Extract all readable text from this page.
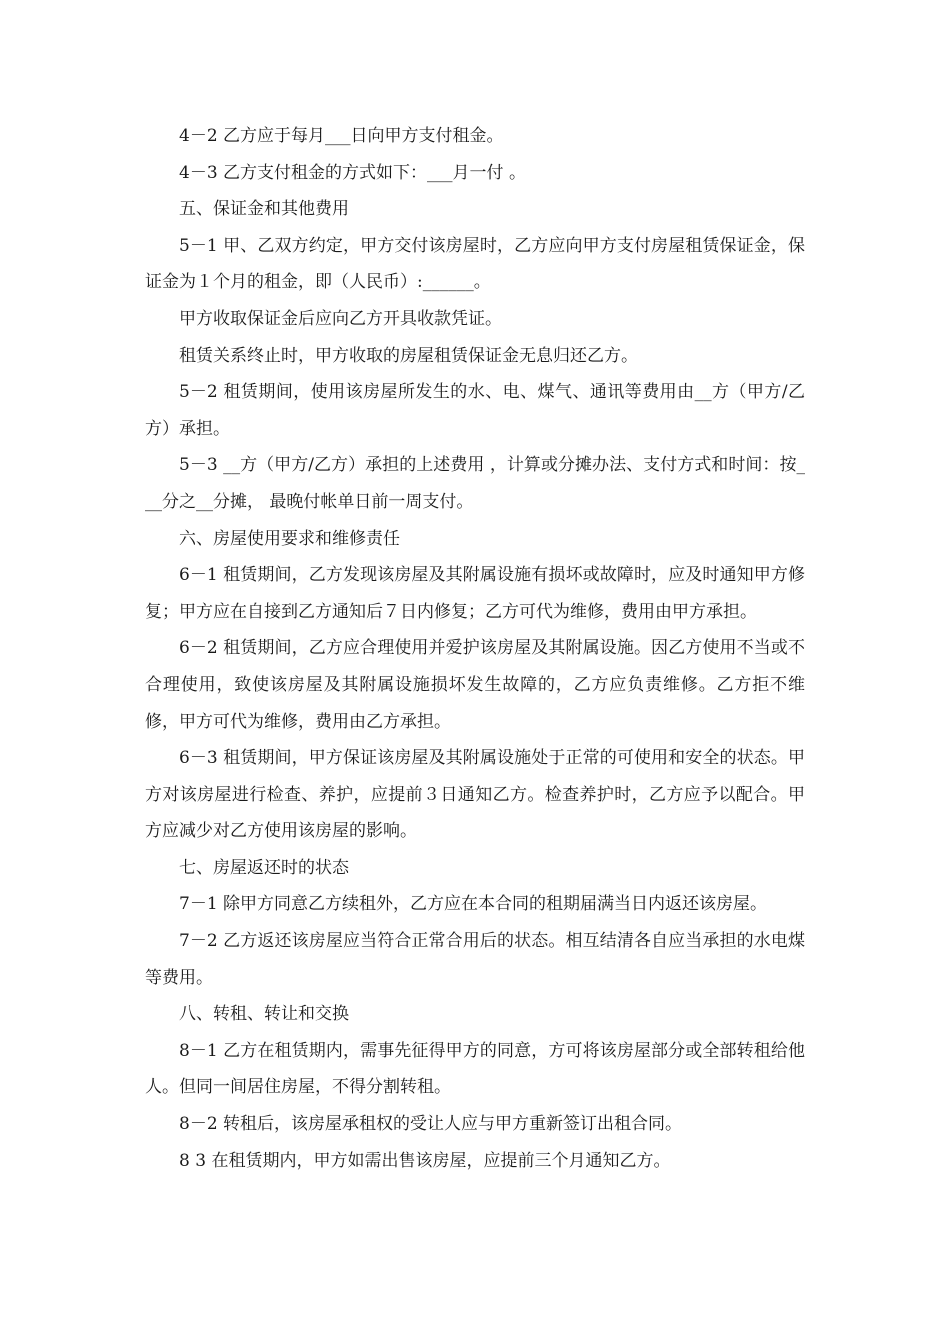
4－2 乙方应于每月___日向甲方支付租金。

4－3 乙方支付租金的方式如下：___月一付 。

五、保证金和其他费用

5－1 甲、乙双方约定，甲方交付该房屋时，乙方应向甲方支付房屋租赁保证金，保证金为１个月的租金，即（人民币）:______。

甲方收取保证金后应向乙方开具收款凭证。

租赁关系终止时，甲方收取的房屋租赁保证金无息归还乙方。

5－2 租赁期间，使用该房屋所发生的水、电、煤气、通讯等费用由__方（甲方/乙方）承担。

5－3 __方（甲方/乙方）承担的上述费用 ，计算或分摊办法、支付方式和时间：按___分之__分摊， 最晚付帐单日前一周支付。

六、房屋使用要求和维修责任

6－1 租赁期间，乙方发现该房屋及其附属设施有损坏或故障时，应及时通知甲方修复；甲方应在自接到乙方通知后７日内修复；乙方可代为维修，费用由甲方承担。

6－2 租赁期间，乙方应合理使用并爱护该房屋及其附属设施。因乙方使用不当或不合理使用，致使该房屋及其附属设施损坏发生故障的，乙方应负责维修。乙方拒不维修，甲方可代为维修，费用由乙方承担。

6－3 租赁期间，甲方保证该房屋及其附属设施处于正常的可使用和安全的状态。甲方对该房屋进行检查、养护，应提前３日通知乙方。检查养护时，乙方应予以配合。甲方应减少对乙方使用该房屋的影响。

七、房屋返还时的状态

7－1 除甲方同意乙方续租外，乙方应在本合同的租期届满当日内返还该房屋。

7－2 乙方返还该房屋应当符合正常合用后的状态。相互结清各自应当承担的水电煤等费用。

八、转租、转让和交换

8－1 乙方在租赁期内，需事先征得甲方的同意，方可将该房屋部分或全部转租给他人。但同一间居住房屋，不得分割转租。

8－2 转租后，该房屋承租权的受让人应与甲方重新签订出租合同。

8 3 在租赁期内，甲方如需出售该房屋，应提前三个月通知乙方。
